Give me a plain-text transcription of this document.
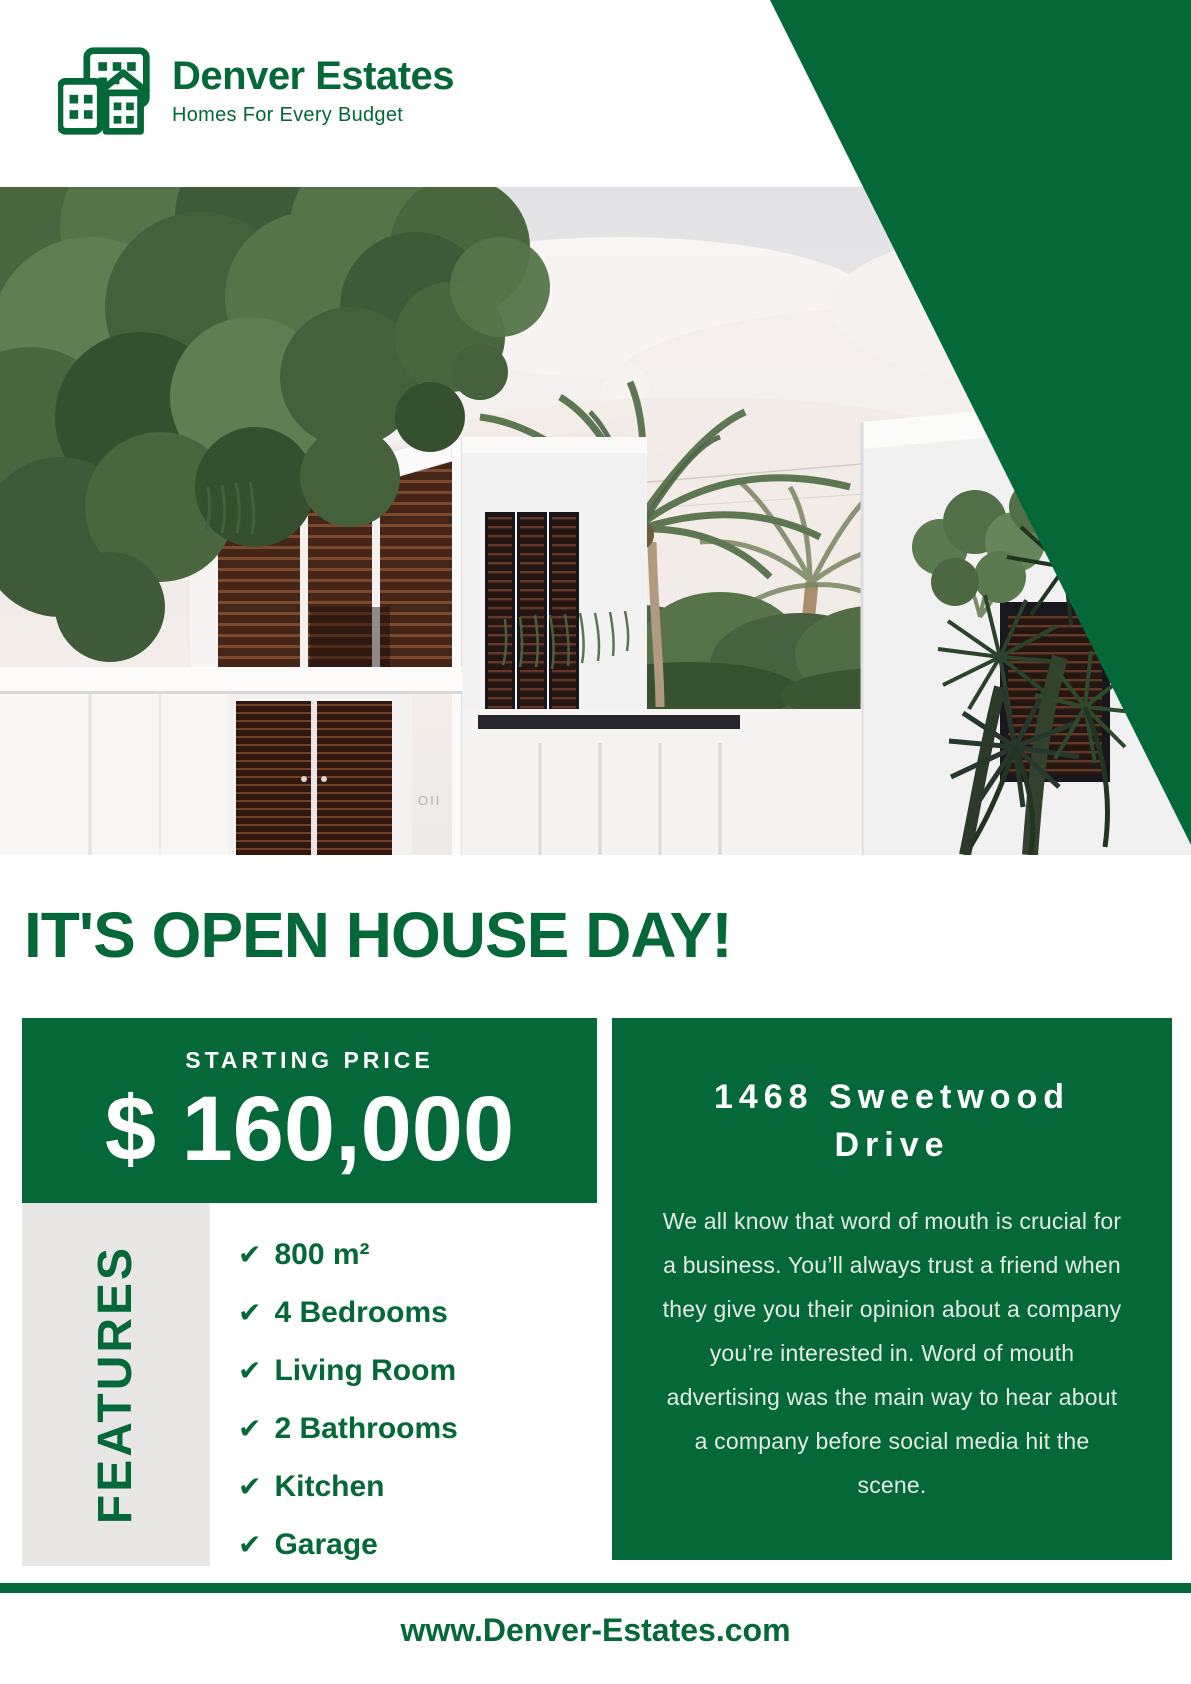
OII
Denver Estates
Homes For Every Budget
IT'S OPEN HOUSE DAY!
STARTING PRICE
$ 160,000
FEATURES	✔ 800 m²
✔ 4 Bedrooms
✔ Living Room
✔ 2 Bathrooms
✔ Kitchen
✔ Garage
1468 Sweetwood Drive

We all know that word of mouth is crucial for a business. You’ll always trust a friend when they give you their opinion about a company you’re interested in. Word of mouth advertising was the main way to hear about a company before social media hit the scene.

www.Denver-Estates.com
